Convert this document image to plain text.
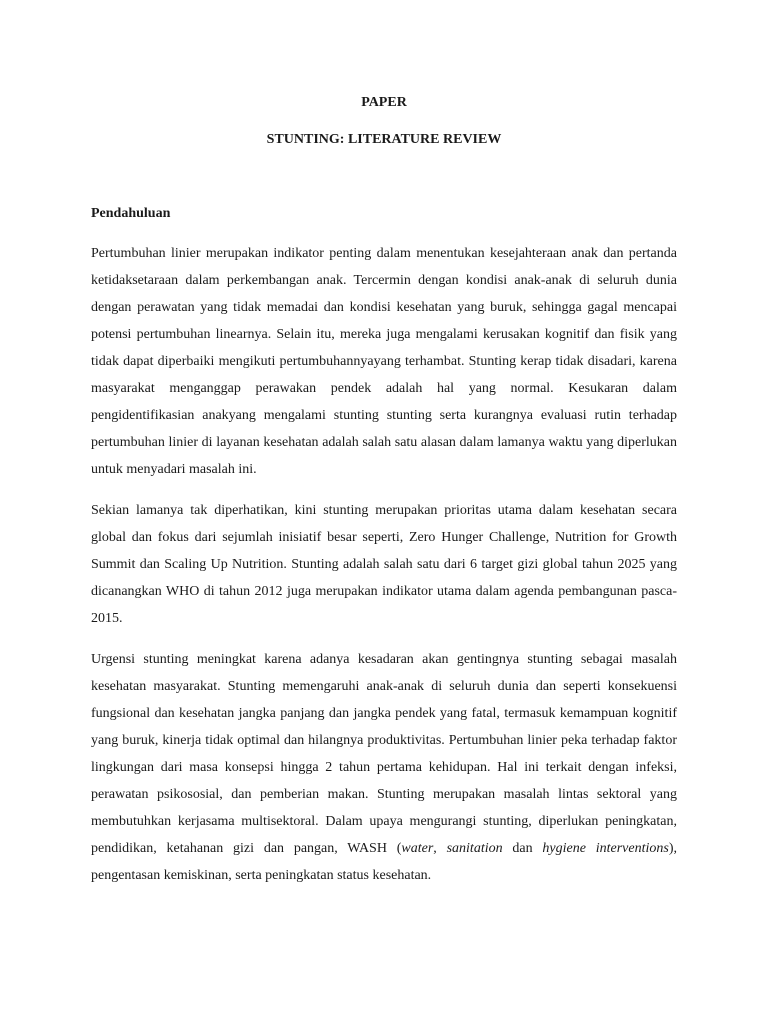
PAPER
STUNTING: LITERATURE REVIEW
Pendahuluan

Pertumbuhan linier merupakan indikator penting dalam menentukan kesejahteraan anak dan pertanda ketidaksetaraan dalam perkembangan anak. Tercermin dengan kondisi anak-anak di seluruh dunia dengan perawatan yang tidak memadai dan kondisi kesehatan yang buruk, sehingga gagal mencapai potensi pertumbuhan linearnya. Selain itu, mereka juga mengalami kerusakan kognitif dan fisik yang tidak dapat diperbaiki mengikuti pertumbuhannyayang terhambat. Stunting kerap tidak disadari, karena masyarakat menganggap perawakan pendek adalah hal yang normal. Kesukaran dalam pengidentifikasian anakyang mengalami stunting stunting serta kurangnya evaluasi rutin terhadap pertumbuhan linier di layanan kesehatan adalah salah satu alasan dalam lamanya waktu yang diperlukan untuk menyadari masalah ini.

Sekian lamanya tak diperhatikan, kini stunting merupakan prioritas utama dalam kesehatan secara global dan fokus dari sejumlah inisiatif besar seperti, Zero Hunger Challenge, Nutrition for Growth Summit dan Scaling Up Nutrition. Stunting adalah salah satu dari 6 target gizi global tahun 2025 yang dicanangkan WHO di tahun 2012 juga merupakan indikator utama dalam agenda pembangunan pasca-2015.

Urgensi stunting meningkat karena adanya kesadaran akan gentingnya stunting sebagai masalah kesehatan masyarakat. Stunting memengaruhi anak-anak di seluruh dunia dan seperti konsekuensi fungsional dan kesehatan jangka panjang dan jangka pendek yang fatal, termasuk kemampuan kognitif yang buruk, kinerja tidak optimal dan hilangnya produktivitas. Pertumbuhan linier peka terhadap faktor lingkungan dari masa konsepsi hingga 2 tahun pertama kehidupan. Hal ini terkait dengan infeksi, perawatan psikososial, dan pemberian makan. Stunting merupakan masalah lintas sektoral yang membutuhkan kerjasama multisektoral. Dalam upaya mengurangi stunting, diperlukan peningkatan, pendidikan, ketahanan gizi dan pangan, WASH (water, sanitation dan hygiene interventions), pengentasan kemiskinan, serta peningkatan status kesehatan.
